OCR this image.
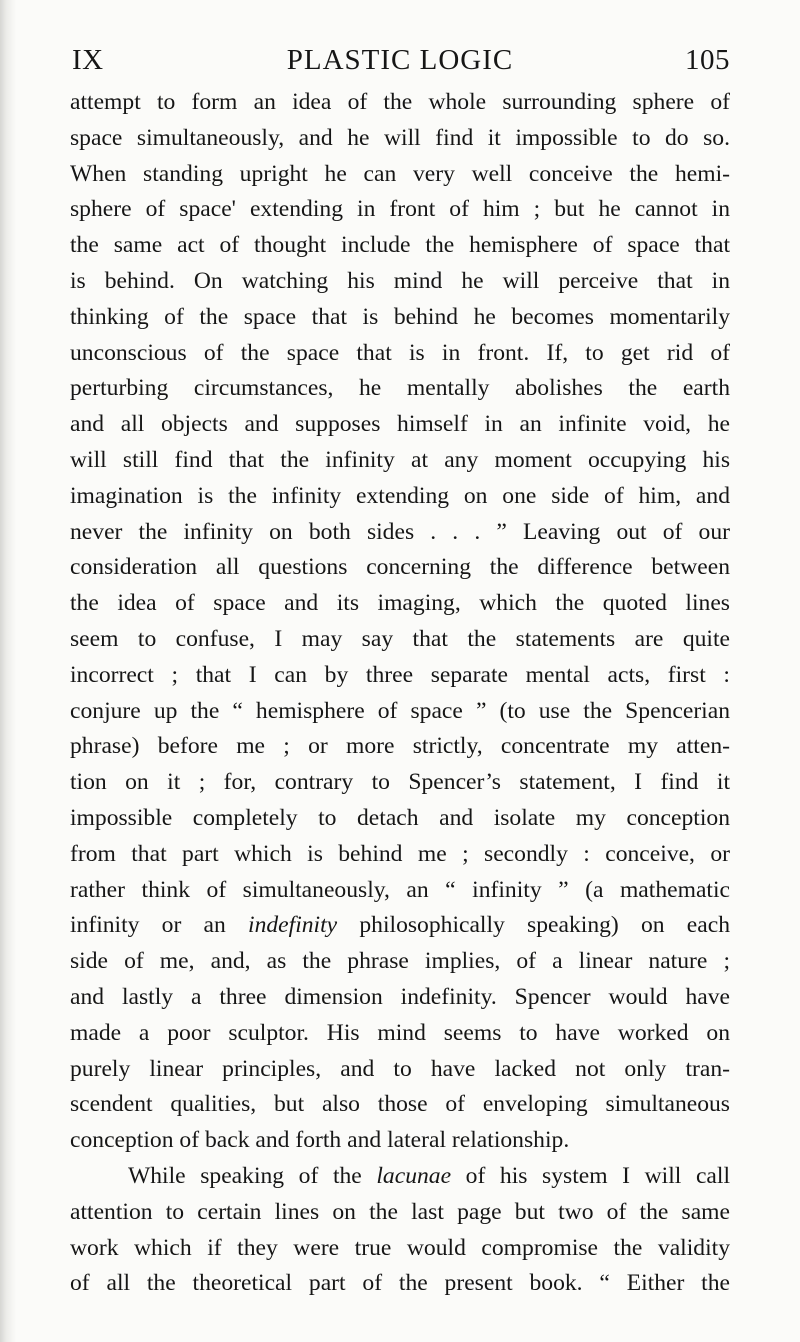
IX	PLASTIC LOGIC	105
attempt to form an idea of the whole surrounding sphere of
space simultaneously, and he will find it impossible to do so.
When standing upright he can very well conceive the hemi-
sphere of space' extending in front of him ; but he cannot in
the same act of thought include the hemisphere of space that
is behind. On watching his mind he will perceive that in
thinking of the space that is behind he becomes momentarily
unconscious of the space that is in front. If, to get rid of
perturbing circumstances, he mentally abolishes the earth
and all objects and supposes himself in an infinite void, he
will still find that the infinity at any moment occupying his
imagination is the infinity extending on one side of him, and
never the infinity on both sides . . . ” Leaving out of our
consideration all questions concerning the difference between
the idea of space and its imaging, which the quoted lines
seem to confuse, I may say that the statements are quite
incorrect ; that I can by three separate mental acts, first :
conjure up the “ hemisphere of space ” (to use the Spencerian
phrase) before me ; or more strictly, concentrate my atten-
tion on it ; for, contrary to Spencer’s statement, I find it
impossible completely to detach and isolate my conception
from that part which is behind me ; secondly : conceive, or
rather think of simultaneously, an “ infinity ” (a mathematic
infinity or an indefinity philosophically speaking) on each
side of me, and, as the phrase implies, of a linear nature ;
and lastly a three dimension indefinity. Spencer would have
made a poor sculptor. His mind seems to have worked on
purely linear principles, and to have lacked not only tran-
scendent qualities, but also those of enveloping simultaneous
conception of back and forth and lateral relationship.
While speaking of the lacunae of his system I will call
attention to certain lines on the last page but two of the same
work which if they were true would compromise the validity
of all the theoretical part of the present book. “ Either the
